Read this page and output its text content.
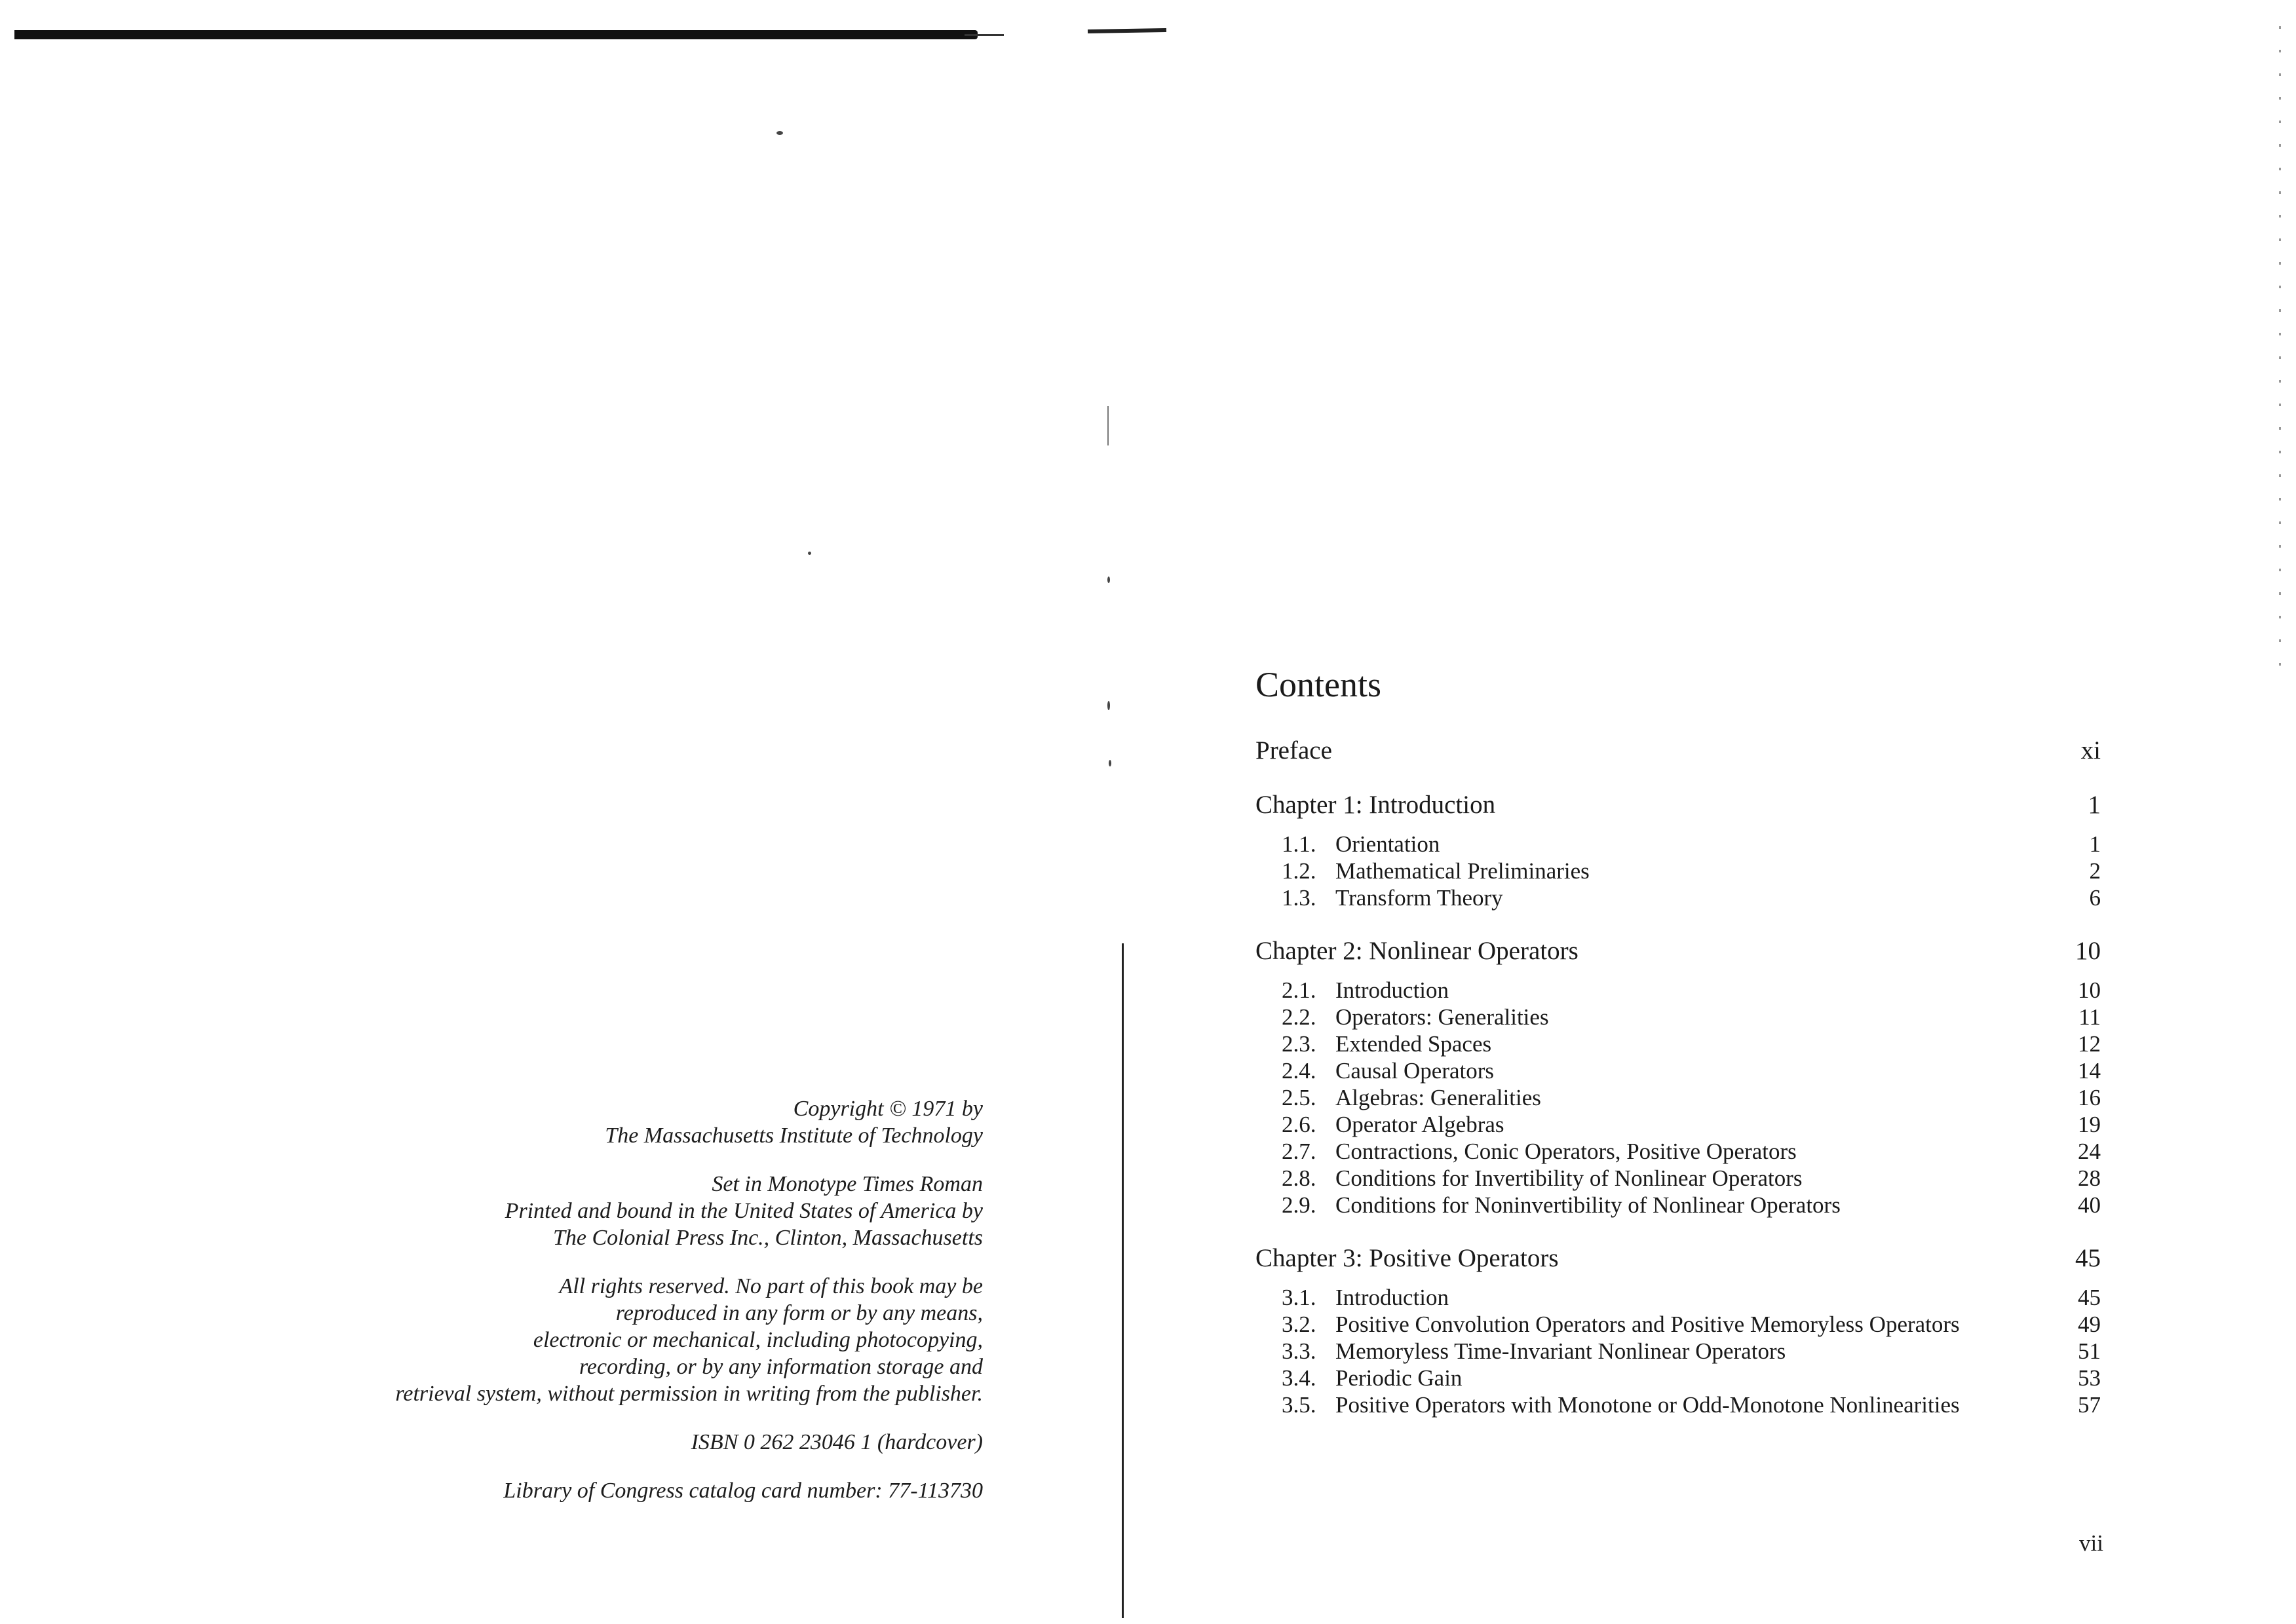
Copyright © 1971 by
The Massachusetts Institute of Technology
Set in Monotype Times Roman
Printed and bound in the United States of America by
The Colonial Press Inc., Clinton, Massachusetts
All rights reserved. No part of this book may be
reproduced in any form or by any means,
electronic or mechanical, including photocopying,
recording, or by any information storage and
retrieval system, without permission in writing from the publisher.
ISBN 0 262 23046 1 (hardcover)
Library of Congress catalog card number: 77-113730
Contents
Preface	xi
Chapter 1: Introduction	1
1.1. Orientation	1
1.2. Mathematical Preliminaries	2
1.3. Transform Theory	6
Chapter 2: Nonlinear Operators	10
2.1. Introduction	10
2.2. Operators: Generalities	11
2.3. Extended Spaces	12
2.4. Causal Operators	14
2.5. Algebras: Generalities	16
2.6. Operator Algebras	19
2.7. Contractions, Conic Operators, Positive Operators	24
2.8. Conditions for Invertibility of Nonlinear Operators	28
2.9. Conditions for Noninvertibility of Nonlinear Operators	40
Chapter 3: Positive Operators	45
3.1. Introduction	45
3.2. Positive Convolution Operators and Positive Memoryless Operators	49
3.3. Memoryless Time-Invariant Nonlinear Operators	51
3.4. Periodic Gain	53
3.5. Positive Operators with Monotone or Odd-Monotone Nonlinearities	57
vii
